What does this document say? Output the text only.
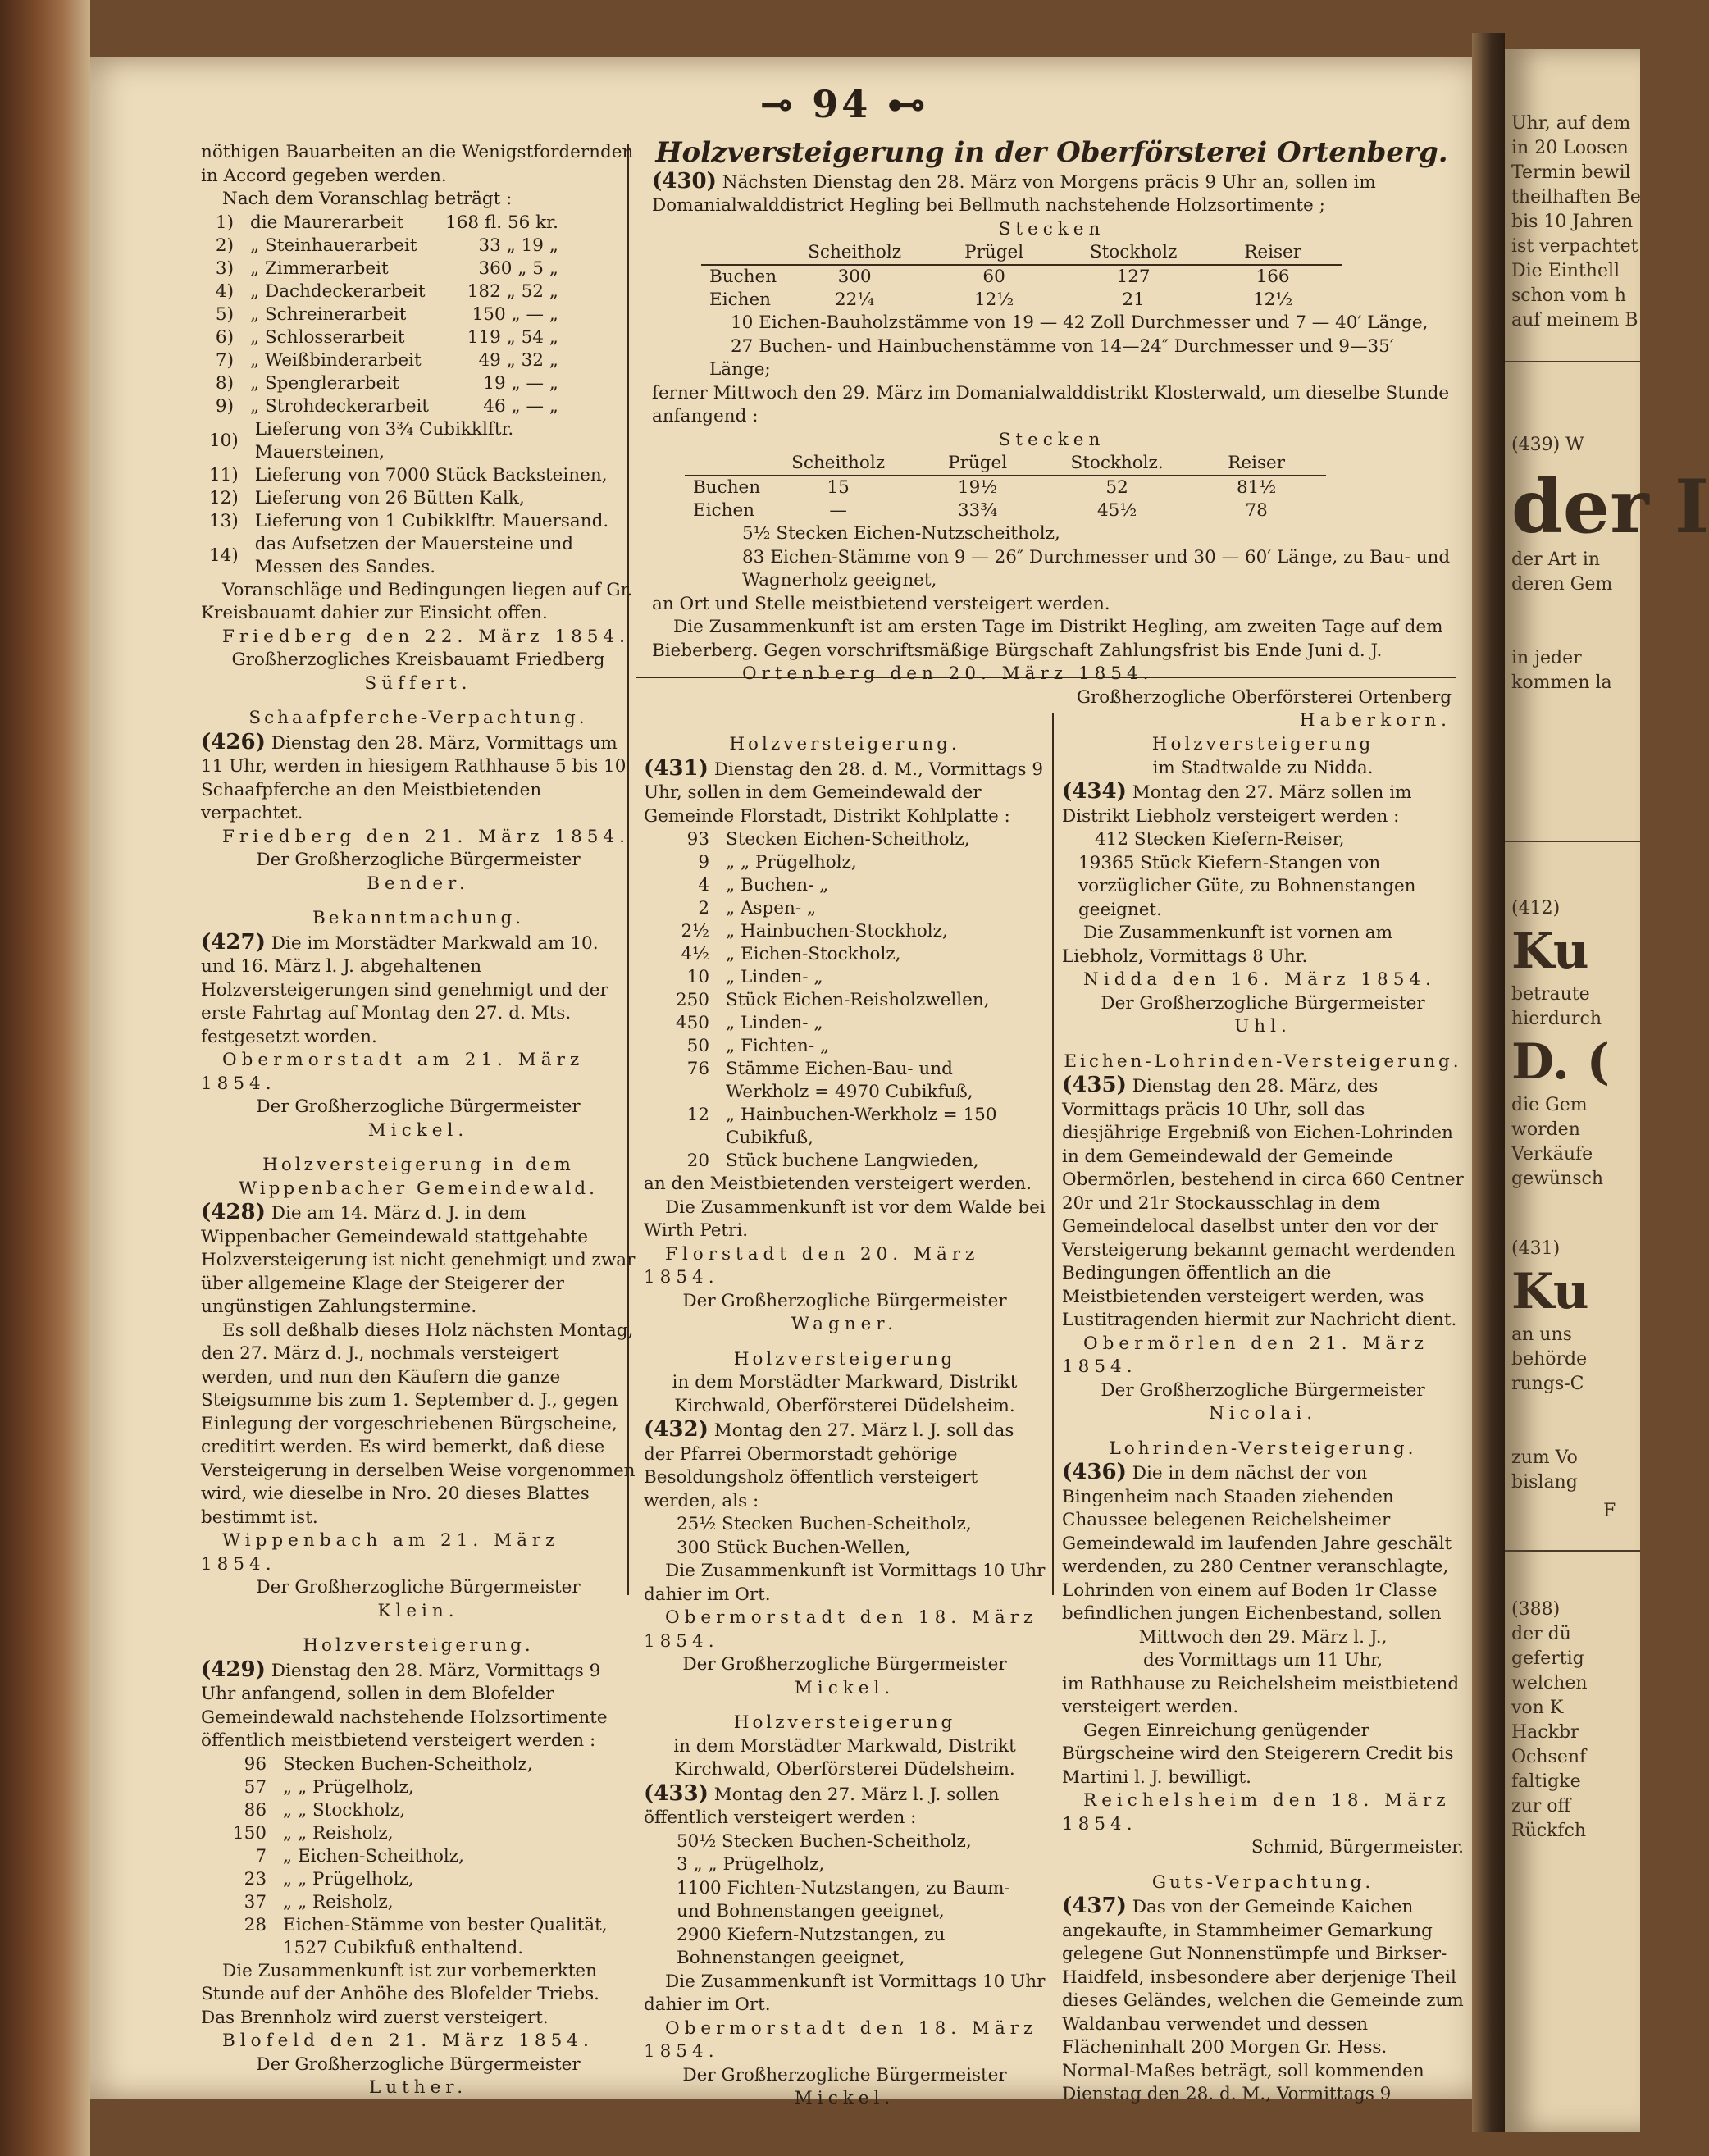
Uhr, auf dem
in 20 Loosen
Termin bewil
theilhaften Be
bis 10 Jahren
ist verpachtet
Die Einthell
schon vom h
auf meinem B
(439) W
der I
der Art in
deren Gem
in jeder
kommen la
(412)
Ku
betraute
hierdurch
D. (
die Gem
worden
Verkäufe
gewünsch
(431)
Ku
an uns
behörde
rungs-C
zum Vo
bislang
F
(388)
der dü
gefertig
welchen
von K
Hackbr
Ochsenf
faltigke
zur off
Rückfch
⊸ 94 ⊷

nöthigen Bauarbeiten an die Wenigstfordernden in Accord gegeben werden.

Nach dem Voranschlag beträgt :

1)	die Maurerarbeit	168 fl. 56 kr.
2)	„ Steinhauerarbeit	33 „ 19 „
3)	„ Zimmerarbeit	360 „ 5 „
4)	„ Dachdeckerarbeit	182 „ 52 „
5)	„ Schreinerarbeit	150 „ — „
6)	„ Schlosserarbeit	119 „ 54 „
7)	„ Weißbinderarbeit	49 „ 32 „
8)	„ Spenglerarbeit	19 „ — „
9)	„ Strohdeckerarbeit	46 „ — „
10)	Lieferung von 3¾ Cubikklftr. Mauersteinen,
11)	Lieferung von 7000 Stück Backsteinen,
12)	Lieferung von 26 Bütten Kalk,
13)	Lieferung von 1 Cubikklftr. Mauersand.
14)	das Aufsetzen der Mauersteine und Messen des Sandes.

Voranschläge und Bedingungen liegen auf Gr. Kreisbauamt dahier zur Einsicht offen.

Friedberg den 22. März 1854.

Großherzogliches Kreisbauamt Friedberg

Süffert.

Schaafpferche-Verpachtung.

(426) Dienstag den 28. März, Vormittags um 11 Uhr, werden in hiesigem Rathhause 5 bis 10 Schaafpferche an den Meistbietenden verpachtet.

Friedberg den 21. März 1854.

Der Großherzogliche Bürgermeister

Bender.

Bekanntmachung.

(427) Die im Morstädter Markwald am 10. und 16. März l. J. abgehaltenen Holzversteigerungen sind genehmigt und der erste Fahrtag auf Montag den 27. d. Mts. festgesetzt worden.

Obermorstadt am 21. März 1854.

Der Großherzogliche Bürgermeister

Mickel.

Holzversteigerung in dem Wippenbacher Gemeindewald.

(428) Die am 14. März d. J. in dem Wippenbacher Gemeindewald stattgehabte Holzversteigerung ist nicht genehmigt und zwar über allgemeine Klage der Steigerer der ungünstigen Zahlungstermine.

Es soll deßhalb dieses Holz nächsten Montag, den 27. März d. J., nochmals versteigert werden, und nun den Käufern die ganze Steigsumme bis zum 1. September d. J., gegen Einlegung der vorgeschriebenen Bürgscheine, creditirt werden. Es wird bemerkt, daß diese Versteigerung in derselben Weise vorgenommen wird, wie dieselbe in Nro. 20 dieses Blattes bestimmt ist.

Wippenbach am 21. März 1854.

Der Großherzogliche Bürgermeister

Klein.

Holzversteigerung.

(429) Dienstag den 28. März, Vormittags 9 Uhr anfangend, sollen in dem Blofelder Gemeindewald nachstehende Holzsortimente öffentlich meistbietend versteigert werden :

96	Stecken Buchen-Scheitholz,
57	„ „ Prügelholz,
86	„ „ Stockholz,
150	„ „ Reisholz,
7	„ Eichen-Scheitholz,
23	„ „ Prügelholz,
37	„ „ Reisholz,
28	Eichen-Stämme von bester Qualität, 1527 Cubikfuß enthaltend.

Die Zusammenkunft ist zur vorbemerkten Stunde auf der Anhöhe des Blofelder Triebs. Das Brennholz wird zuerst versteigert.

Blofeld den 21. März 1854.

Der Großherzogliche Bürgermeister

Luther.

Holzversteigerung in der Oberförsterei Ortenberg.

(430) Nächsten Dienstag den 28. März von Morgens präcis 9 Uhr an, sollen im Domanialwalddistrict Hegling bei Bellmuth nachstehende Holzsortimente ;

Stecken

	Scheitholz	Prügel	Stockholz	Reiser
Buchen	300	60	127	166
Eichen	22¼	12½	21	12½

10 Eichen-Bauholzstämme von 19 — 42 Zoll Durchmesser und 7 — 40′ Länge,

27 Buchen- und Hainbuchenstämme von 14—24″ Durchmesser und 9—35′ Länge;

ferner Mittwoch den 29. März im Domanialwalddistrikt Klosterwald, um dieselbe Stunde anfangend :

Stecken

	Scheitholz	Prügel	Stockholz.	Reiser
Buchen	15	19½	52	81½
Eichen	—	33¾	45½	78

5½ Stecken Eichen-Nutzscheitholz,

83 Eichen-Stämme von 9 — 26″ Durchmesser und 30 — 60′ Länge, zu Bau- und Wagnerholz geeignet,

an Ort und Stelle meistbietend versteigert werden.

Die Zusammenkunft ist am ersten Tage im Distrikt Hegling, am zweiten Tage auf dem Bieberberg. Gegen vorschriftsmäßige Bürgschaft Zahlungsfrist bis Ende Juni d. J.

Ortenberg den 20. März 1854.

Großherzogliche Oberförsterei Ortenberg

Haberkorn.

Holzversteigerung.

(431) Dienstag den 28. d. M., Vormittags 9 Uhr, sollen in dem Gemeindewald der Gemeinde Florstadt, Distrikt Kohlplatte :

93	Stecken Eichen-Scheitholz,
9	„ „ Prügelholz,
4	„ Buchen- „
2	„ Aspen- „
2½	„ Hainbuchen-Stockholz,
4½	„ Eichen-Stockholz,
10	„ Linden- „
250	Stück Eichen-Reisholzwellen,
450	„ Linden- „
50	„ Fichten- „
76	Stämme Eichen-Bau- und Werkholz = 4970 Cubikfuß,
12	„ Hainbuchen-Werkholz = 150 Cubikfuß,
20	Stück buchene Langwieden,

an den Meistbietenden versteigert werden.

Die Zusammenkunft ist vor dem Walde bei Wirth Petri.

Florstadt den 20. März 1854.

Der Großherzogliche Bürgermeister

Wagner.

Holzversteigerung

in dem Morstädter Markward, Distrikt Kirchwald, Oberförsterei Düdelsheim.

(432) Montag den 27. März l. J. soll das der Pfarrei Obermorstadt gehörige Besoldungsholz öffentlich versteigert werden, als :

25½ Stecken Buchen-Scheitholz,

300 Stück Buchen-Wellen,

Die Zusammenkunft ist Vormittags 10 Uhr dahier im Ort.

Obermorstadt den 18. März 1854.

Der Großherzogliche Bürgermeister

Mickel.

Holzversteigerung

in dem Morstädter Markwald, Distrikt Kirchwald, Oberförsterei Düdelsheim.

(433) Montag den 27. März l. J. sollen öffentlich versteigert werden :

50½ Stecken Buchen-Scheitholz,

3 „ „ Prügelholz,

1100 Fichten-Nutzstangen, zu Baum- und Bohnenstangen geeignet,

2900 Kiefern-Nutzstangen, zu Bohnenstangen geeignet,

Die Zusammenkunft ist Vormittags 10 Uhr dahier im Ort.

Obermorstadt den 18. März 1854.

Der Großherzogliche Bürgermeister

Mickel.

Holzversteigerung

im Stadtwalde zu Nidda.

(434) Montag den 27. März sollen im Distrikt Liebholz versteigert werden :

412 Stecken Kiefern-Reiser,

19365 Stück Kiefern-Stangen von vorzüglicher Güte, zu Bohnenstangen geeignet.

Die Zusammenkunft ist vornen am Liebholz, Vormittags 8 Uhr.

Nidda den 16. März 1854.

Der Großherzogliche Bürgermeister

Uhl.

Eichen-Lohrinden-Versteigerung.

(435) Dienstag den 28. März, des Vormittags präcis 10 Uhr, soll das diesjährige Ergebniß von Eichen-Lohrinden in dem Gemeindewald der Gemeinde Obermörlen, bestehend in circa 660 Centner 20r und 21r Stockausschlag in dem Gemeindelocal daselbst unter den vor der Versteigerung bekannt gemacht werdenden Bedingungen öffentlich an die Meistbietenden versteigert werden, was Lustitragenden hiermit zur Nachricht dient.

Obermörlen den 21. März 1854.

Der Großherzogliche Bürgermeister

Nicolai.

Lohrinden-Versteigerung.

(436) Die in dem nächst der von Bingenheim nach Staaden ziehenden Chaussee belegenen Reichelsheimer Gemeindewald im laufenden Jahre geschält werdenden, zu 280 Centner veranschlagte, Lohrinden von einem auf Boden 1r Classe befindlichen jungen Eichenbestand, sollen

Mittwoch den 29. März l. J.,

des Vormittags um 11 Uhr,

im Rathhause zu Reichelsheim meistbietend versteigert werden.

Gegen Einreichung genügender Bürgscheine wird den Steigerern Credit bis Martini l. J. bewilligt.

Reichelsheim den 18. März 1854.

Schmid, Bürgermeister.

Guts-Verpachtung.

(437) Das von der Gemeinde Kaichen angekaufte, in Stammheimer Gemarkung gelegene Gut Nonnenstümpfe und Birkser-Haidfeld, insbesondere aber derjenige Theil dieses Geländes, welchen die Gemeinde zum Waldanbau verwendet und dessen Flächeninhalt 200 Morgen Gr. Hess. Normal-Maßes beträgt, soll kommenden Dienstag den 28. d. M., Vormittags 9
